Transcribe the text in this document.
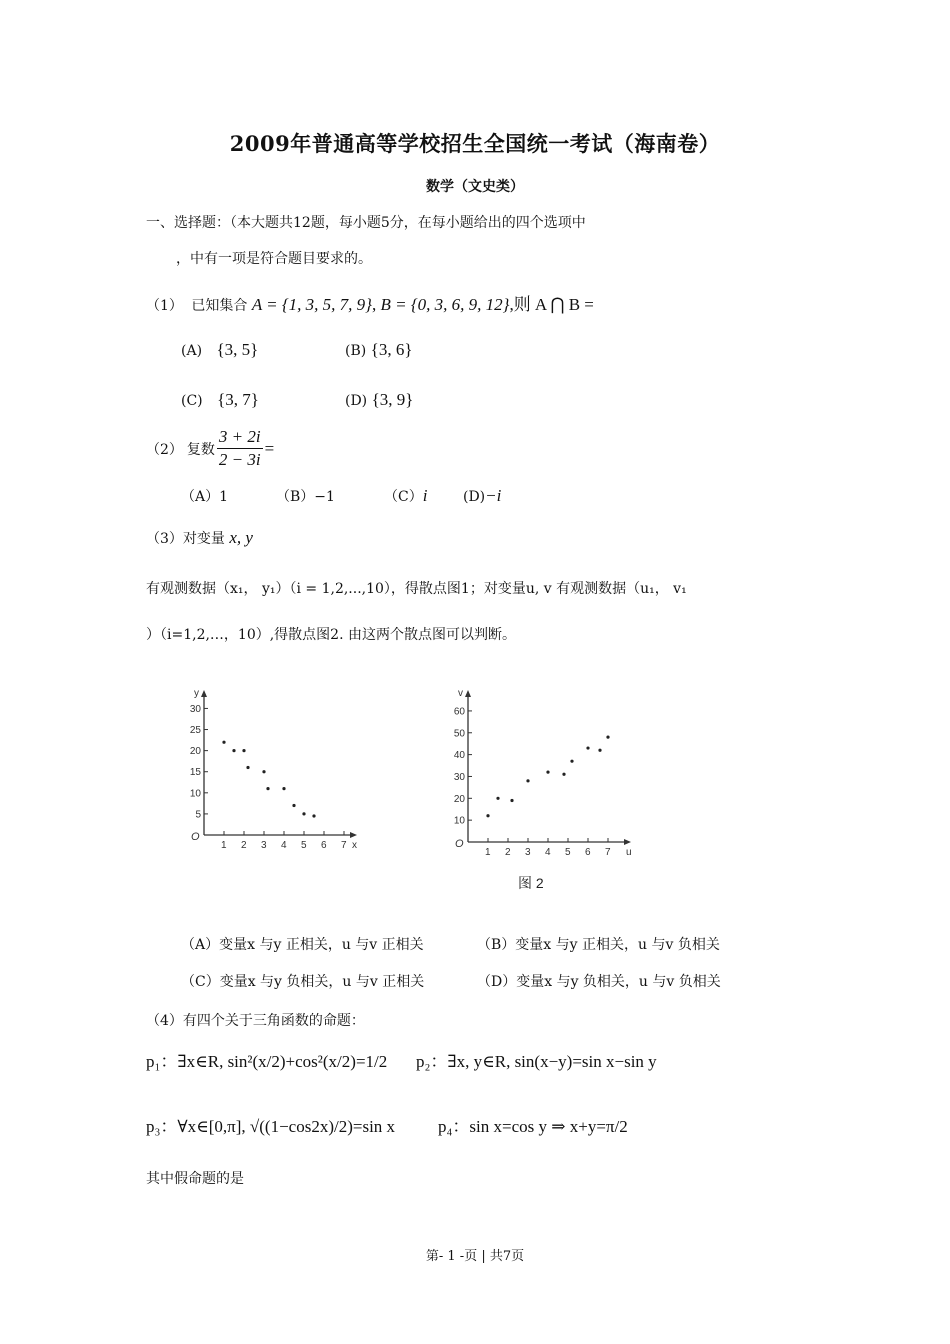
2009年普通高等学校招生全国统一考试（海南卷）
数学（文史类）
一、选择题：（本大题共12题，每小题5分，在每小题给出的四个选项中
，中有一项是符合题目要求的。
（1） 已知集合 A = {1, 3, 5, 7, 9}, B = {0, 3, 6, 9, 12},则 A ⋂ B =
(A) {3, 5}	(B) {3, 6}
(C) {3, 7}	(D) {3, 9}
（2） 复数 $\frac{3 + 2i}{2 - 3i}$ =
（A）1	（B）−1	（C）i	(D)−i
（3）对变量 x, y
有观测数据（x₁， y₁）（i = 1,2,...,10），得散点图1；对变量u, v 有观测数据（u₁， v₁
）（i=1,2,…，10）,得散点图2. 由这两个散点图可以判断。
y
x
O
1 2 3 4 5 6 7
5
10
15
20
25
30
v
u
O
1 2 3 4 5 6 7
10
20
30
40
50
60
图 2
（A）变量x 与y 正相关，u 与v 正相关	（B）变量x 与y 正相关，u 与v 负相关
（C）变量x 与y 负相关，u 与v 正相关	（D）变量x 与y 负相关，u 与v 负相关
（4）有四个关于三角函数的命题：
p₁：∃x∈R, sin²(x/2)+cos²(x/2)=1/2 p₂：∃x, y∈R, sin(x−y)=sin x−sin y
p₃：∀x∈[0,π], √((1−cos2x)/2)=sin x	p₄：sin x=cos y ⇒ x+y=π/2
其中假命题的是
第- 1 -页 | 共7页
